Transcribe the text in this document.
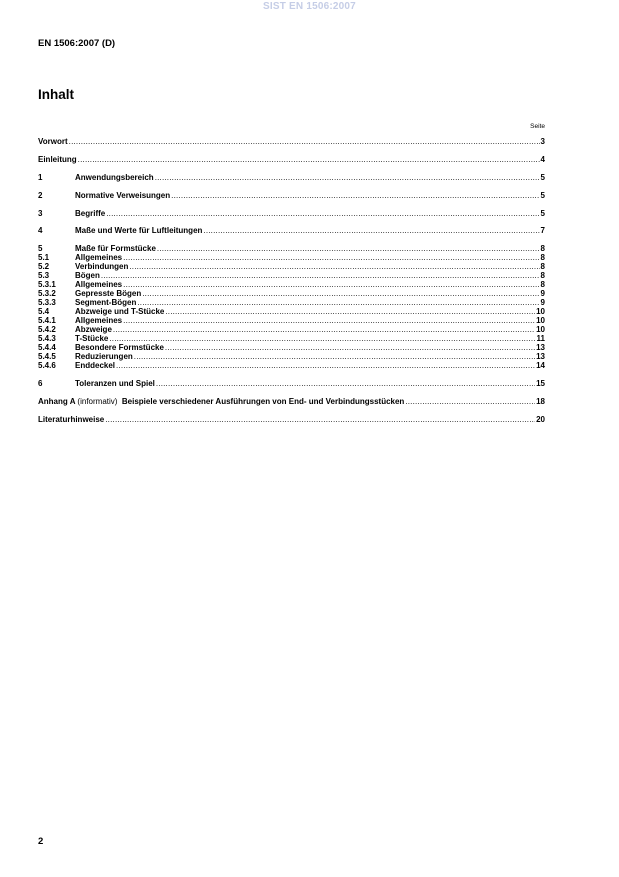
SIST EN 1506:2007
EN 1506:2007 (D)
Inhalt
Seite
Vorwort .....	3
Einleitung .....	4
1	Anwendungsbereich .....	5
2	Normative Verweisungen .....	5
3	Begriffe .....	5
4	Maße und Werte für Luftleitungen .....	7
5	Maße für Formstücke .....	8
5.1	Allgemeines .....	8
5.2	Verbindungen .....	8
5.3	Bögen .....	8
5.3.1	Allgemeines .....	8
5.3.2	Gepresste Bögen .....	9
5.3.3	Segment-Bögen .....	9
5.4	Abzweige und T-Stücke .....	10
5.4.1	Allgemeines .....	10
5.4.2	Abzweige .....	10
5.4.3	T-Stücke .....	11
5.4.4	Besondere Formstücke .....	13
5.4.5	Reduzierungen .....	13
5.4.6	Enddeckel .....	14
6	Toleranzen und Spiel .....	15
Anhang A (informativ) Beispiele verschiedener Ausführungen von End- und Verbindungsstücken .....	18
Literaturhinweise .....	20
2
